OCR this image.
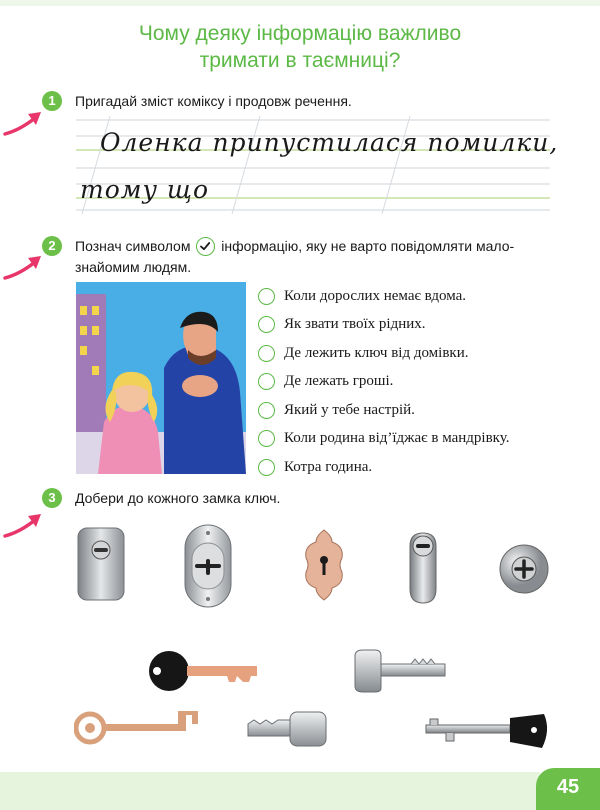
Чому деяку інформацію важливо
тримати в таємниці?
1	Пригадай зміст коміксу і продовж речення.
Оленка припустилася помилки,
тому що
2	Познач символом інформацію, яку не варто повідомляти мало-
знайомим людям.
Коли дорослих немає вдома.
Як звати твоїх рідних.
Де лежить ключ від домівки.
Де лежать гроші.
Який у тебе настрій.
Коли родина від’їджає в мандрівку.
Котра година.
3	Добери до кожного замка ключ.
45
